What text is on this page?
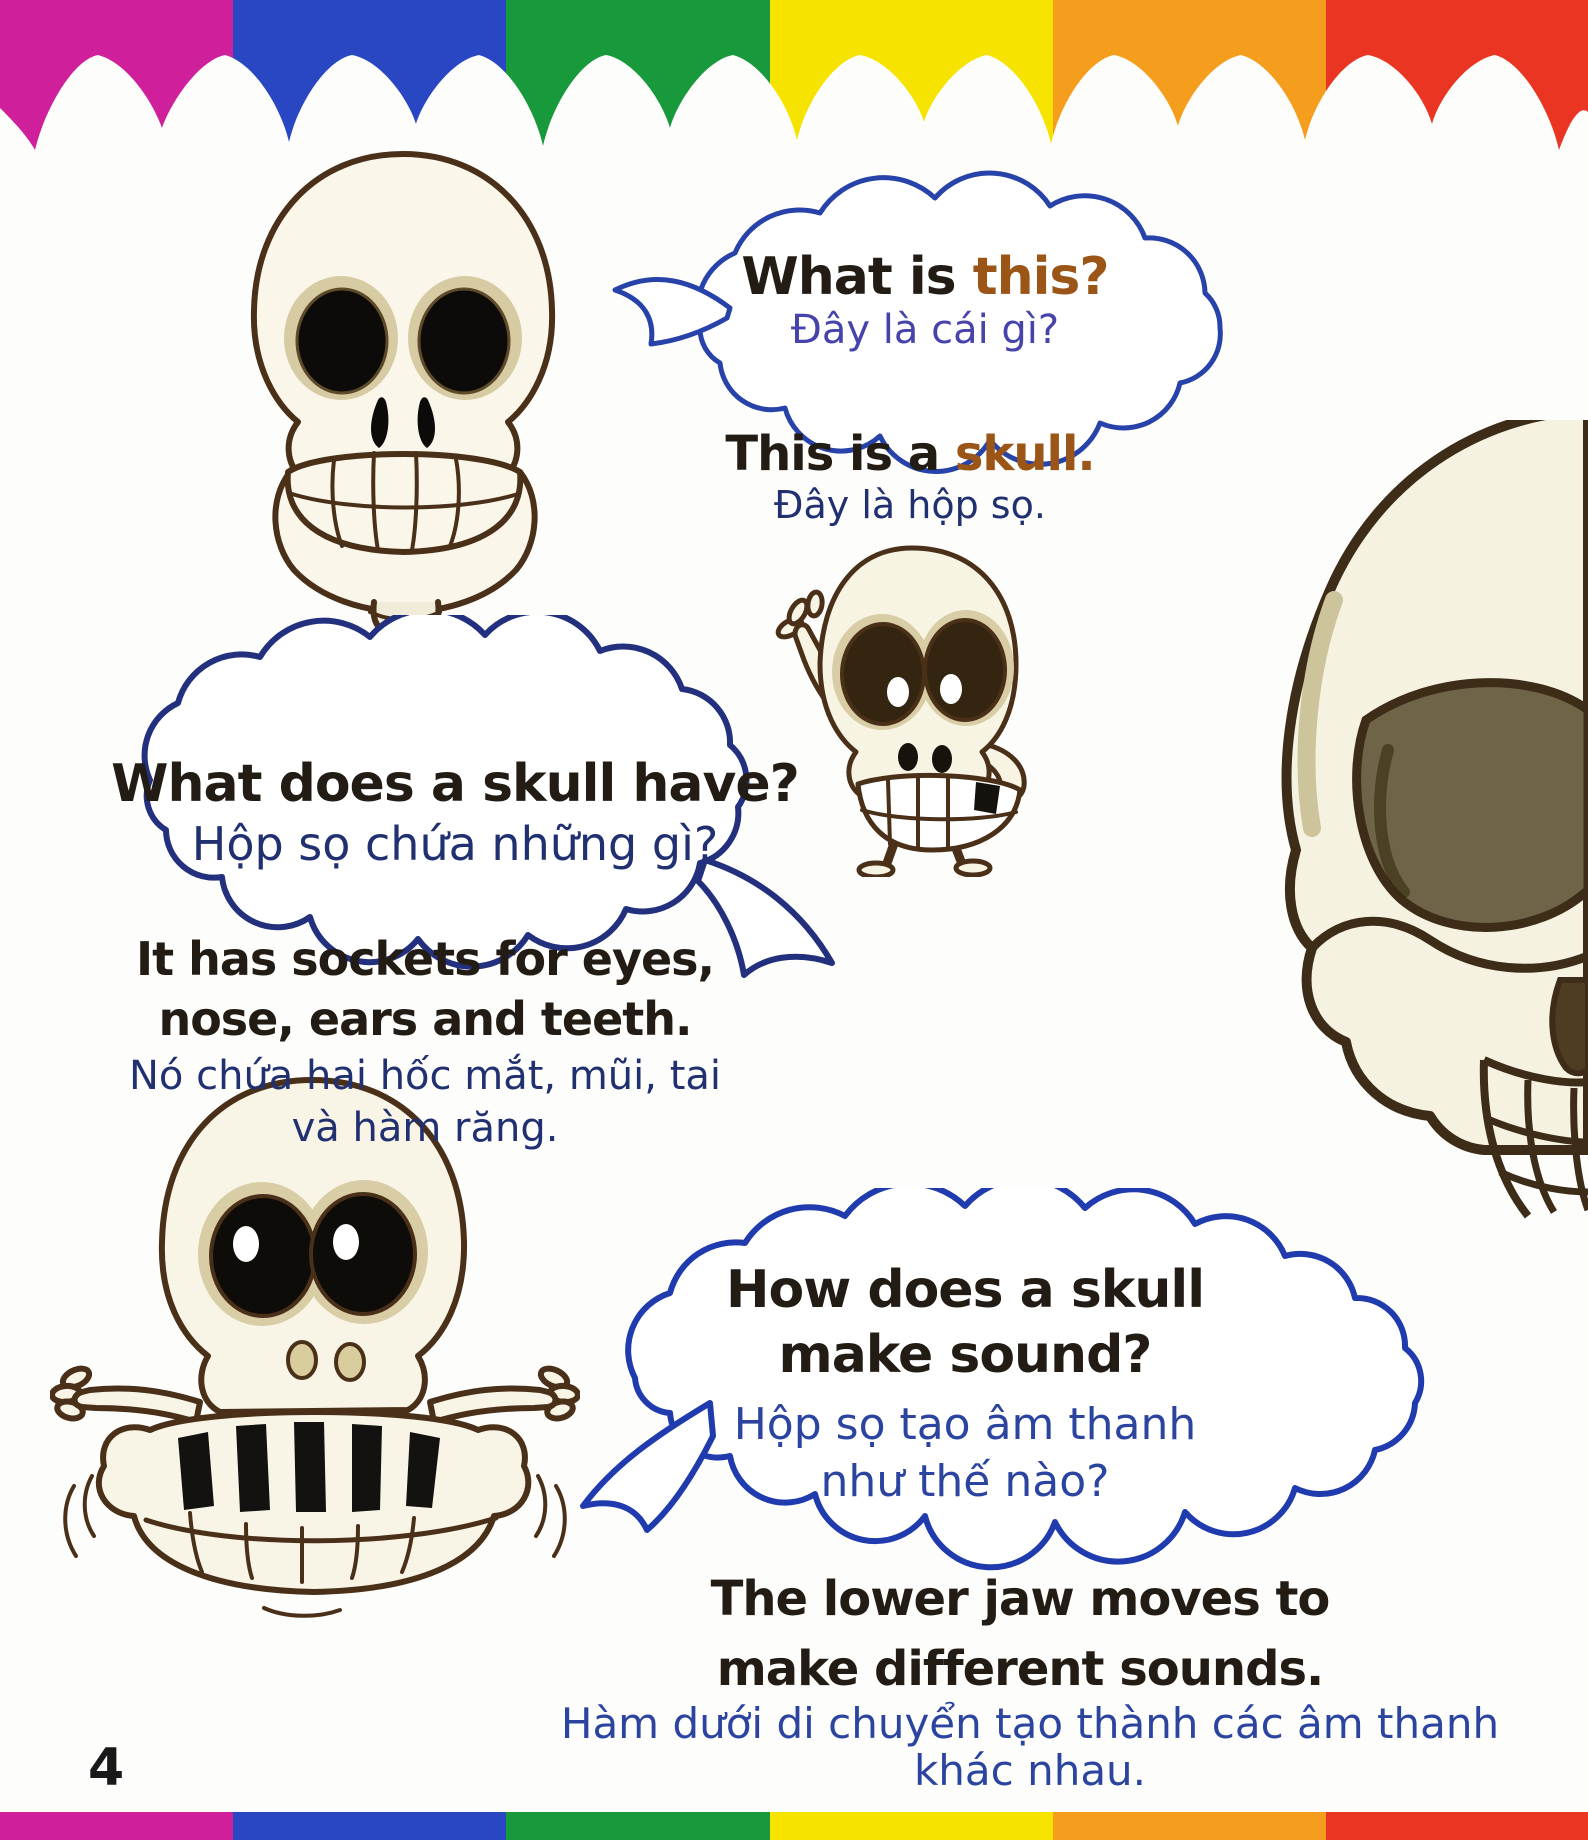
What is this?
Đây là cái gì?
This is a skull.
Đây là hộp sọ.
What does a skull have?
Hộp sọ chứa những gì?
It has sockets for eyes,
nose, ears and teeth.
Nó chứa hai hốc mắt, mũi, tai
và hàm răng.
How does a skull
make sound?
Hộp sọ tạo âm thanh
như thế nào?
The lower jaw moves to
make different sounds.
Hàm dưới di chuyển tạo thành các âm thanh khác nhau.
4
